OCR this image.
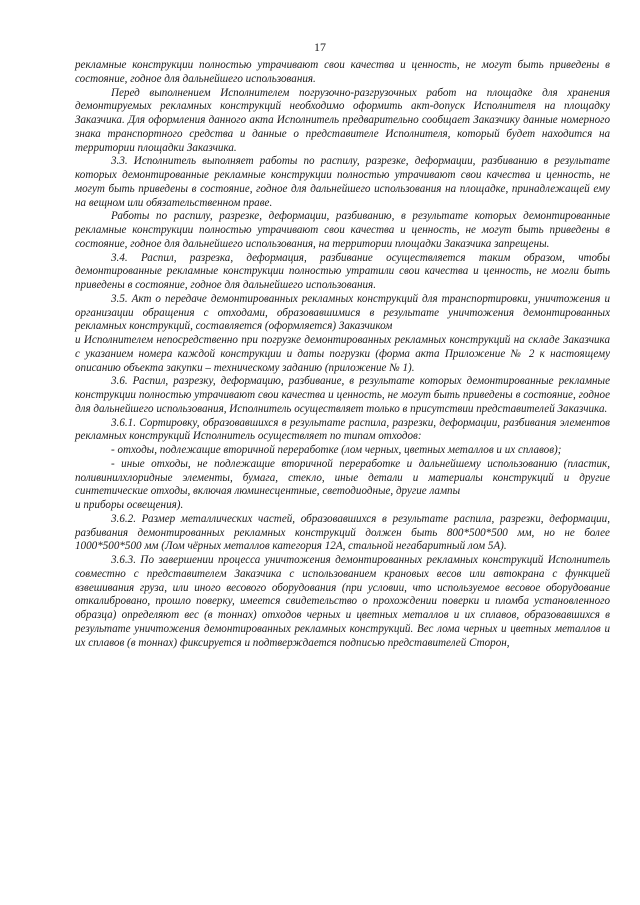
17

рекламные конструкции полностью утрачивают свои качества и ценность, не могут быть приведены в состояние, годное для дальнейшего использования.

Перед выполнением Исполнителем погрузочно-разгрузочных работ на площадке для хранения демонтируемых рекламных конструкций необходимо оформить акт-допуск Исполнителя на площадку Заказчика. Для оформления данного акта Исполнитель предварительно сообщает Заказчику данные номерного знака транспортного средства и данные о представителе Исполнителя, который будет находится на территории площадки Заказчика.

3.3. Исполнитель выполняет работы по распилу, разрезке, деформации, разбиванию в результате которых демонтированные рекламные конструкции полностью утрачивают свои качества и ценность, не могут быть приведены в состояние, годное для дальнейшего использования на площадке, принадлежащей ему на вещном или обязательственном праве.

Работы по распилу, разрезке, деформации, разбиванию, в результате которых демонтированные рекламные конструкции полностью утрачивают свои качества и ценность, не могут быть приведены в состояние, годное для дальнейшего использования, на территории площадки Заказчика запрещены.

3.4. Распил, разрезка, деформация, разбивание осуществляется таким образом, чтобы демонтированные рекламные конструкции полностью утратили свои качества и ценность, не могли быть приведены в состояние, годное для дальнейшего использования.

3.5. Акт о передаче демонтированных рекламных конструкций для транспортировки, уничтожения и организации обращения с отходами, образовавшимися в результате уничтожения демонтированных рекламных конструкций, составляется (оформляется) Заказчиком

и Исполнителем непосредственно при погрузке демонтированных рекламных конструкций на складе Заказчика с указанием номера каждой конструкции и даты погрузки (форма акта Приложение № 2 к настоящему описанию объекта закупки – техническому заданию (приложение № 1).

3.6. Распил, разрезку, деформацию, разбивание, в результате которых демонтированные рекламные конструкции полностью утрачивают свои качества и ценность, не могут быть приведены в состояние, годное для дальнейшего использования, Исполнитель осуществляет только в присутствии представителей Заказчика.

3.6.1. Сортировку, образовавшихся в результате распила, разрезки, деформации, разбивания элементов рекламных конструкций Исполнитель осуществляет по типам отходов:

- отходы, подлежащие вторичной переработке (лом черных, цветных металлов и их сплавов);

- иные отходы, не подлежащие вторичной переработке и дальнейшему использованию (пластик, поливинилхлоридные элементы, бумага, стекло, иные детали и материалы конструкций и другие синтетические отходы, включая люминесцентные, светодиодные, другие лампы

и приборы освещения).

3.6.2. Размер металлических частей, образовавшихся в результате распила, разрезки, деформации, разбивания демонтированных рекламных конструкций должен быть 800*500*500 мм, но не более 1000*500*500 мм (Лом чёрных металлов категория 12А, стальной негабаритный лом 5А).

3.6.3. По завершении процесса уничтожения демонтированных рекламных конструкций Исполнитель совместно с представителем Заказчика с использованием крановых весов или автокрана с функцией взвешивания груза, или иного весового оборудования (при условии, что используемое весовое оборудование откалибровано, прошло поверку, имеется свидетельство о прохождении поверки и пломба установленного образца) определяют вес (в тоннах) отходов черных и цветных металлов и их сплавов, образовавшихся в результате уничтожения демонтированных рекламных конструкций. Вес лома черных и цветных металлов и их сплавов (в тоннах) фиксируется и подтверждается подписью представителей Сторон,
